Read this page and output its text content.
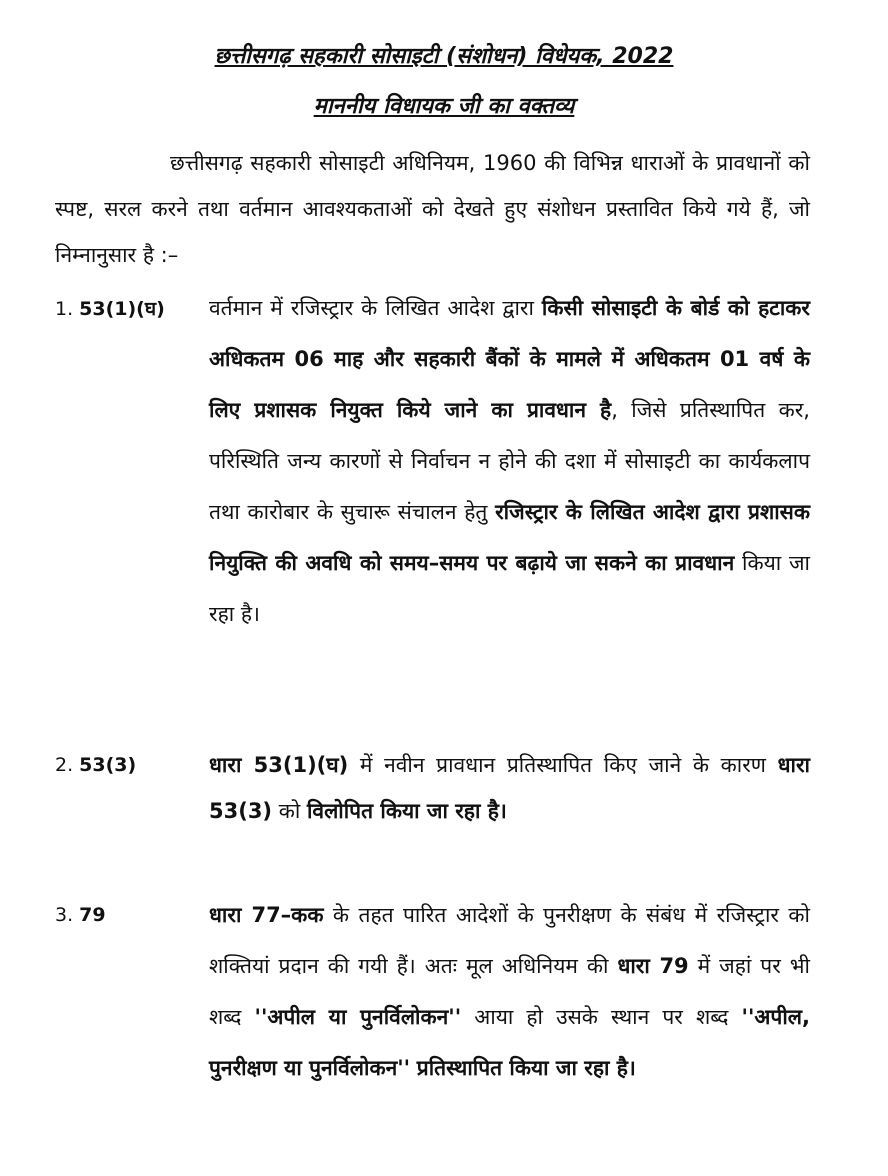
छत्तीसगढ़ सहकारी सोसाइटी (संशोधन) विधेयक, 2022
माननीय विधायक जी का वक्तव्य

छत्तीसगढ़ सहकारी सोसाइटी अधिनियम, 1960 की विभिन्न धाराओं के प्रावधानों को स्पष्ट, सरल करने तथा वर्तमान आवश्यकताओं को देखते हुए संशोधन प्रस्तावित किये गये हैं, जो निम्नानुसार है :–

1. 53(1)(घ) वर्तमान में रजिस्ट्रार के लिखित आदेश द्वारा किसी सोसाइटी के बोर्ड को हटाकर अधिकतम 06 माह और सहकारी बैंकों के मामले में अधिकतम 01 वर्ष के लिए प्रशासक नियुक्त किये जाने का प्रावधान है, जिसे प्रतिस्थापित कर, परिस्थिति जन्य कारणों से निर्वाचन न होने की दशा में सोसाइटी का कार्यकलाप तथा कारोबार के सुचारू संचालन हेतु रजिस्ट्रार के लिखित आदेश द्वारा प्रशासक नियुक्ति की अवधि को समय–समय पर बढ़ाये जा सकने का प्रावधान किया जा रहा है।

2. 53(3)	धारा 53(1)(घ) में नवीन प्रावधान प्रतिस्थापित किए जाने के कारण धारा 53(3) को विलोपित किया जा रहा है।

3. 79	धारा 77–कक के तहत पारित आदेशों के पुनरीक्षण के संबंध में रजिस्ट्रार को शक्तियां प्रदान की गयी हैं। अतः मूल अधिनियम की धारा 79 में जहां पर भी शब्द ''अपील या पुनर्विलोकन'' आया हो उसके स्थान पर शब्द ''अपील, पुनरीक्षण या पुनर्विलोकन'' प्रतिस्थापित किया जा रहा है।
